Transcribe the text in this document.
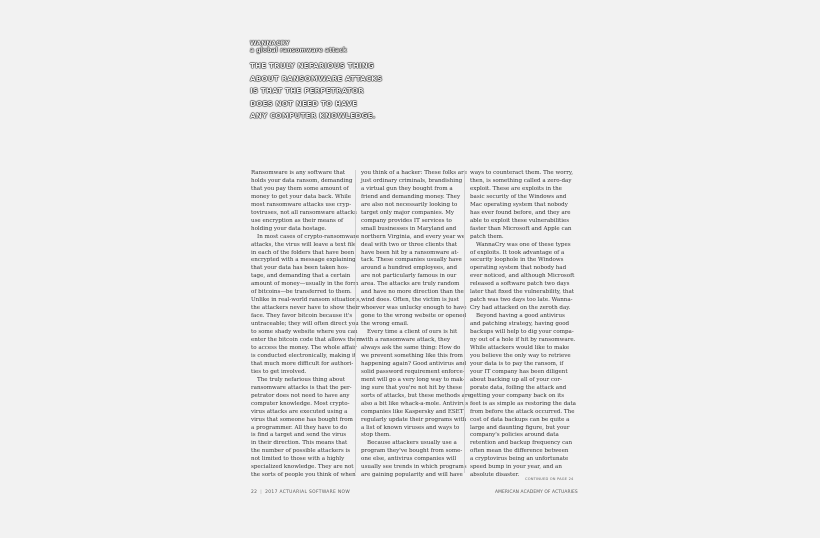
WANNACRY
a global ransomware attack
THE TRULY NEFARIOUS THING
ABOUT RANSOMWARE ATTACKS
IS THAT THE PERPETRATOR
DOES NOT NEED TO HAVE
ANY COMPUTER KNOWLEDGE.
Ransomware is any software that
holds your data ransom, demanding
that you pay them some amount of
money to get your data back. While
most ransomware attacks use cryp-
toviruses, not all ransomware attacks
use encryption as their means of
holding your data hostage.
In most cases of crypto-ransomware
attacks, the virus will leave a text file
in each of the folders that have been
encrypted with a message explaining
that your data has been taken hos-
tage, and demanding that a certain
amount of money—usually in the form
of bitcoins—be transferred to them.
Unlike in real-world ransom situations,
the attackers never have to show their
face. They favor bitcoin because it's
untraceable; they will often direct you
to some shady website where you can
enter the bitcoin code that allows them
to access the money. The whole affair
is conducted electronically, making it
that much more difficult for authori-
ties to get involved.
The truly nefarious thing about
ransomware attacks is that the per-
petrator does not need to have any
computer knowledge. Most crypto-
virus attacks are executed using a
virus that someone has bought from
a programmer. All they have to do
is find a target and send the virus
in their direction. This means that
the number of possible attackers is
not limited to those with a highly
specialized knowledge. They are not
the sorts of people you think of when
you think of a hacker: These folks are
just ordinary criminals, brandishing
a virtual gun they bought from a
friend and demanding money. They
are also not necessarily looking to
target only major companies. My
company provides IT services to
small businesses in Maryland and
northern Virginia, and every year we
deal with two or three clients that
have been hit by a ransomware at-
tack. These companies usually have
around a hundred employees, and
are not particularly famous in our
area. The attacks are truly random
and have no more direction than the
wind does. Often, the victim is just
whoever was unlucky enough to have
gone to the wrong website or opened
the wrong email.
Every time a client of ours is hit
with a ransomware attack, they
always ask the same thing: How do
we prevent something like this from
happening again? Good antivirus and
solid password requirement enforce-
ment will go a very long way to mak-
ing sure that you're not hit by these
sorts of attacks, but these methods are
also a bit like whack-a-mole. Antivirus
companies like Kaspersky and ESET
regularly update their programs with
a list of known viruses and ways to
stop them.
Because attackers usually use a
program they've bought from some-
one else, antivirus companies will
usually see trends in which programs
are gaining popularity and will have
ways to counteract them. The worry,
then, is something called a zero-day
exploit. These are exploits in the
basic security of the Windows and
Mac operating system that nobody
has ever found before, and they are
able to exploit these vulnerabilities
faster than Microsoft and Apple can
patch them.
WannaCry was one of these types
of exploits. It took advantage of a
security loophole in the Windows
operating system that nobody had
ever noticed, and although Microsoft
released a software patch two days
later that fixed the vulnerability, that
patch was two days too late. Wanna-
Cry had attacked on the zeroth day.
Beyond having a good antivirus
and patching strategy, having good
backups will help to dig your compa-
ny out of a hole if hit by ransomware.
While attackers would like to make
you believe the only way to retrieve
your data is to pay the ransom, if
your IT company has been diligent
about backing up all of your cor-
porate data, foiling the attack and
getting your company back on its
feet is as simple as restoring the data
from before the attack occurred. The
cost of data backups can be quite a
large and daunting figure, but your
company's policies around data
retention and backup frequency can
often mean the difference between
a cryptovirus being an unfortunate
speed bump in your year, and an
absolute disaster.
CONTINUED ON PAGE 24
22 | 2017 ACTUARIAL SOFTWARE NOW	AMERICAN ACADEMY OF ACTUARIES
